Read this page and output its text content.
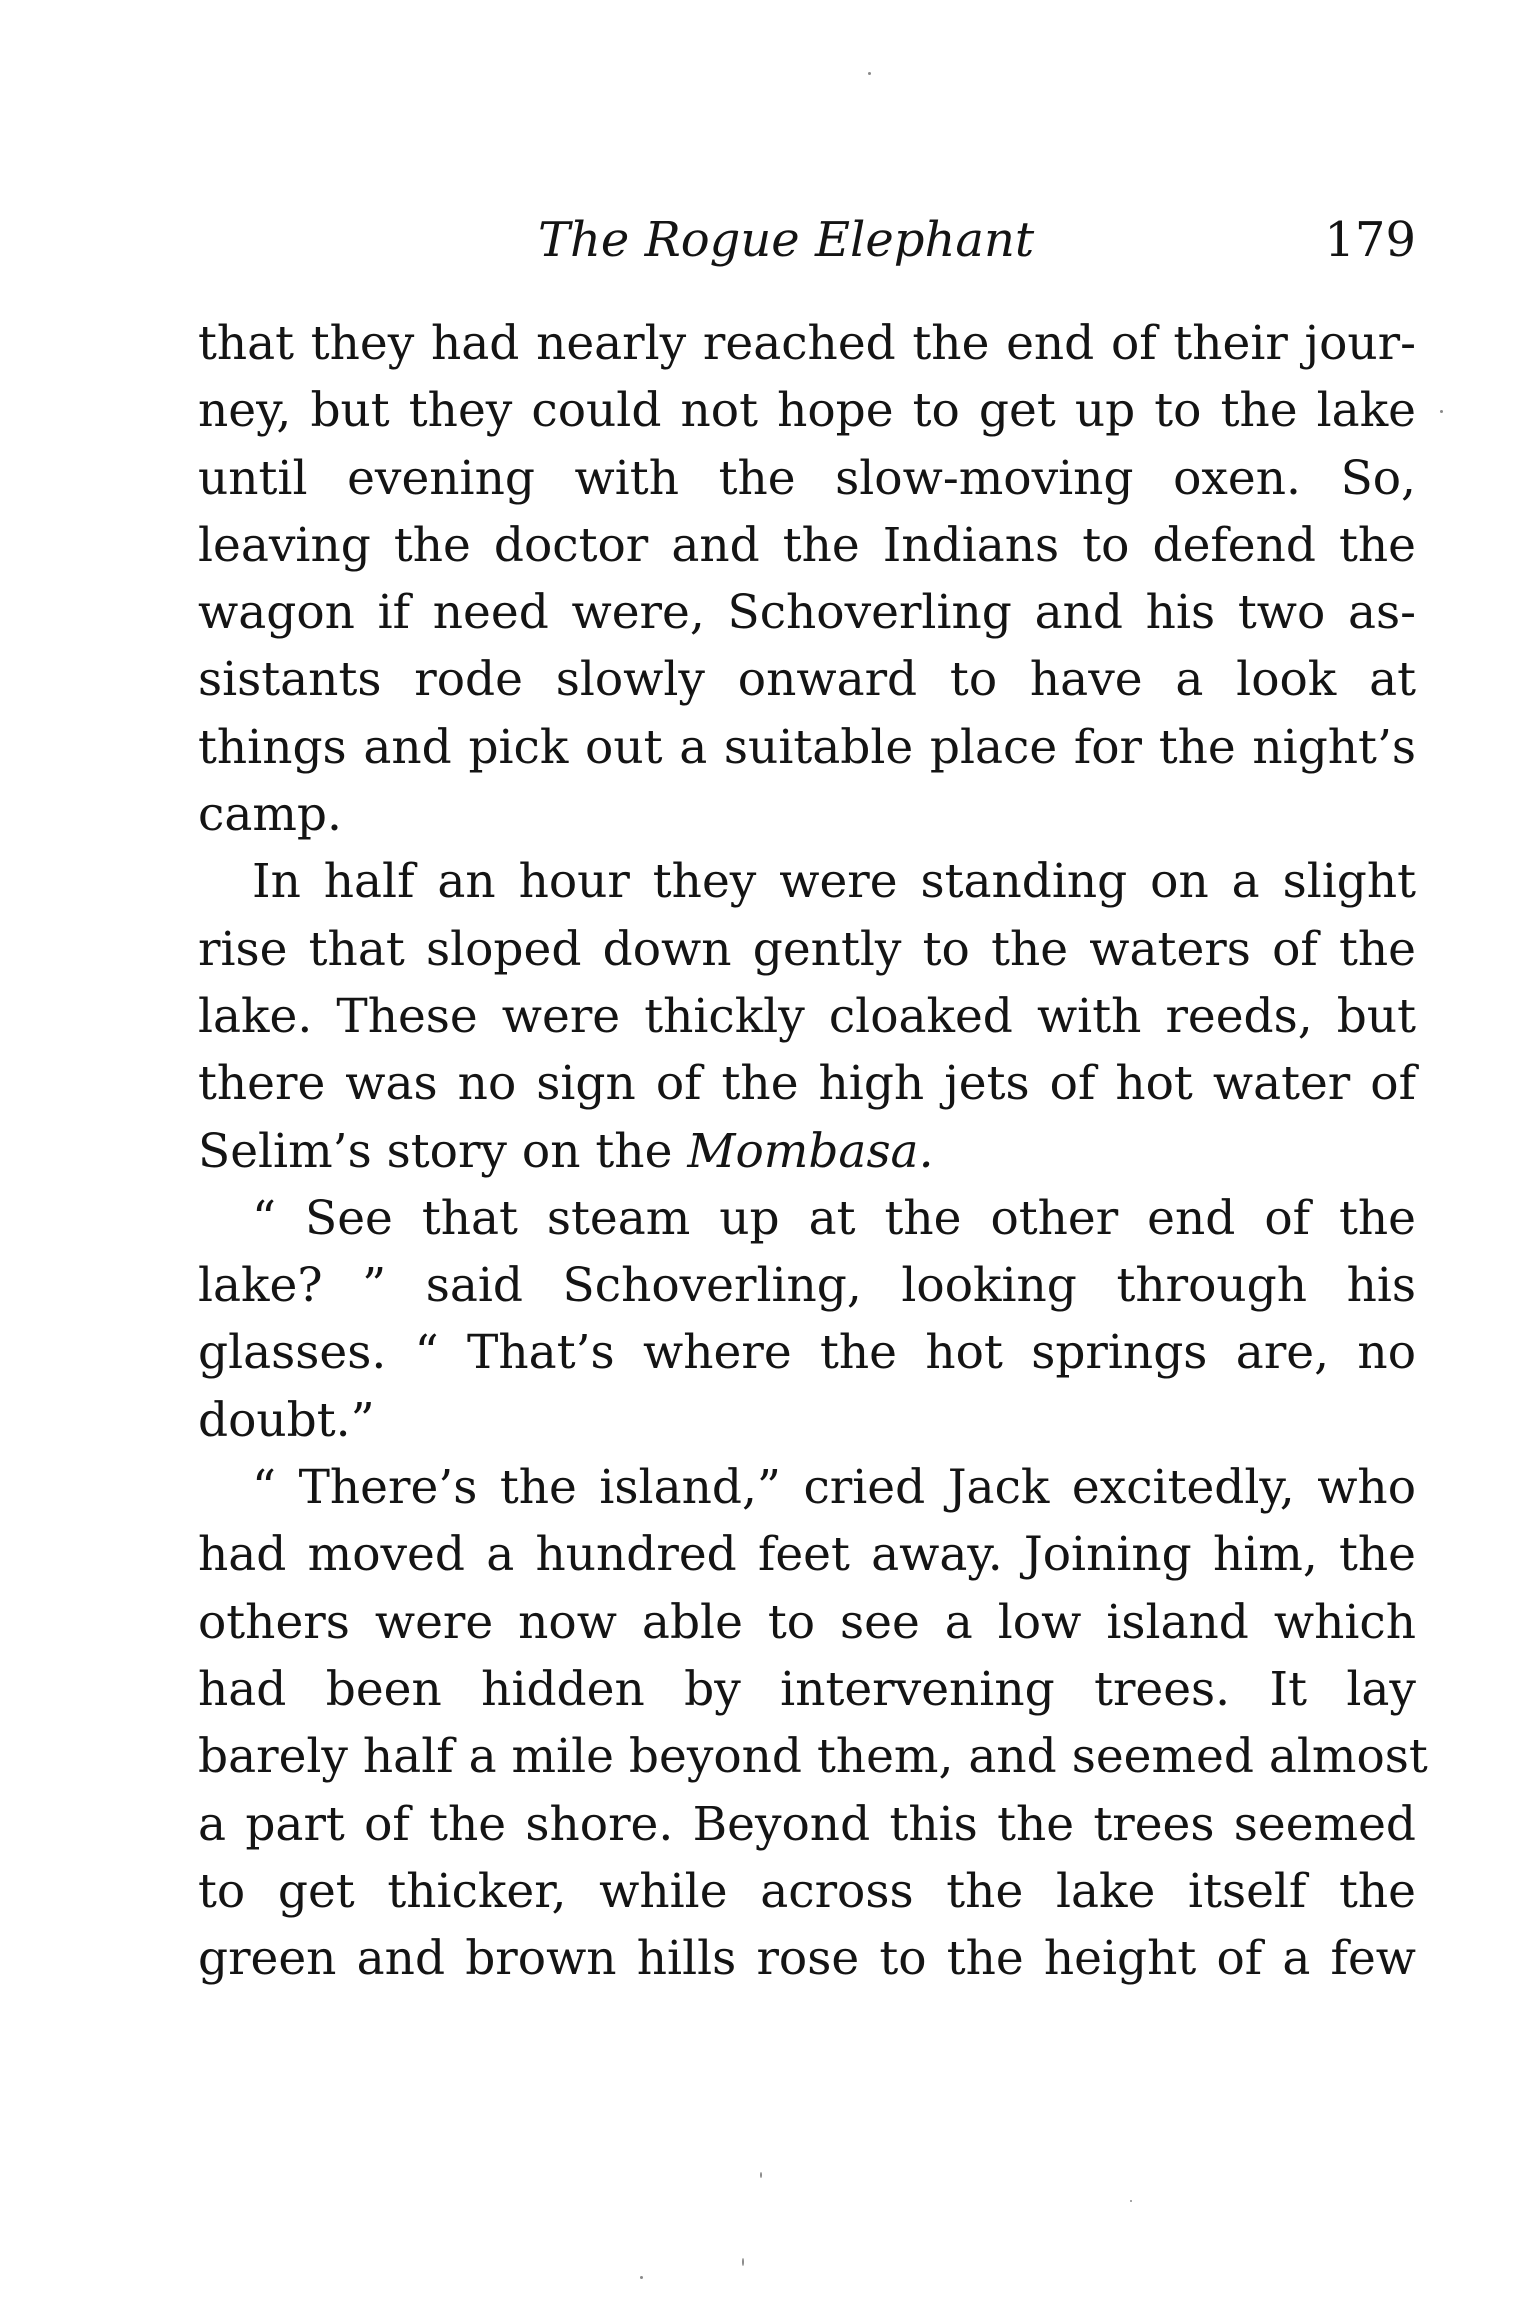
The Rogue Elephant	179
that they had nearly reached the end of their jour-
ney, but they could not hope to get up to the lake
until evening with the slow-moving oxen. So,
leaving the doctor and the Indians to defend the
wagon if need were, Schoverling and his two as-
sistants rode slowly onward to have a look at
things and pick out a suitable place for the night’s
camp.
In half an hour they were standing on a slight
rise that sloped down gently to the waters of the
lake. These were thickly cloaked with reeds, but
there was no sign of the high jets of hot water of
Selim’s story on the Mombasa.
“ See that steam up at the other end of the
lake? ” said Schoverling, looking through his
glasses. “ That’s where the hot springs are, no
doubt.”
“ There’s the island,” cried Jack excitedly, who
had moved a hundred feet away. Joining him, the
others were now able to see a low island which
had been hidden by intervening trees. It lay
barely half a mile beyond them, and seemed almost
a part of the shore. Beyond this the trees seemed
to get thicker, while across the lake itself the
green and brown hills rose to the height of a few
